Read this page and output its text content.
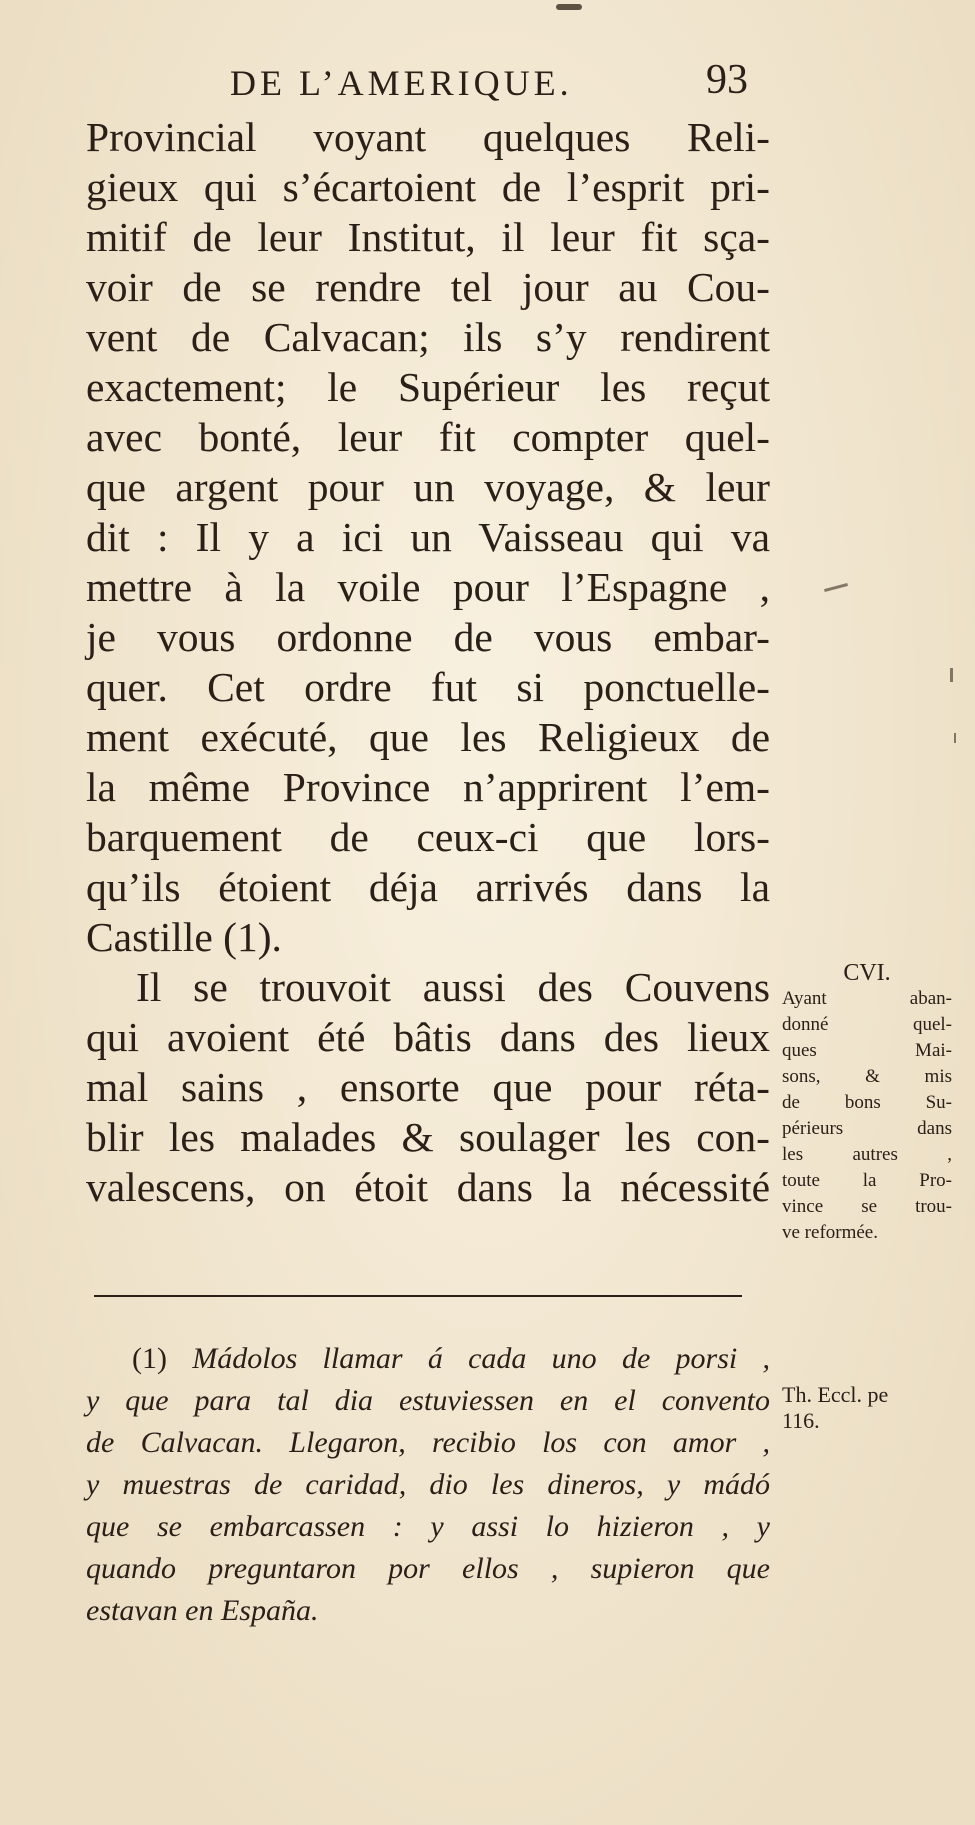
DE L’AMERIQUE.	93
Provincial voyant quelques Reli-
gieux qui s’écartoient de l’esprit pri-
mitif de leur Institut, il leur fit sça-
voir de se rendre tel jour au Cou-
vent de Calvacan; ils s’y rendirent
exactement; le Supérieur les reçut
avec bonté, leur fit compter quel-
que argent pour un voyage, & leur
dit : Il y a ici un Vaisseau qui va
mettre à la voile pour l’Espagne ,
je vous ordonne de vous embar-
quer. Cet ordre fut si ponctuelle-
ment exécuté, que les Religieux de
la même Province n’apprirent l’em-
barquement de ceux-ci que lors-
qu’ils étoient déja arrivés dans la
Castille (1).
Il se trouvoit aussi des Couvens
qui avoient été bâtis dans des lieux
mal sains , ensorte que pour réta-
blir les malades & soulager les con-
valescens, on étoit dans la nécessité
CVI.
Ayant aban-
donné quel-
ques Mai-
sons, & mis
de bons Su-
périeurs dans
les autres ,
toute la Pro-
vince se trou-
ve reformée.
Th. Eccl. pe
116.
(1) Mádolos llamar á cada uno de porsi ,
y que para tal dia estuviessen en el convento
de Calvacan. Llegaron, recibio los con amor ,
y muestras de caridad, dio les dineros, y mádó
que se embarcassen : y assi lo hizieron , y
quando preguntaron por ellos , supieron que
estavan en España.
